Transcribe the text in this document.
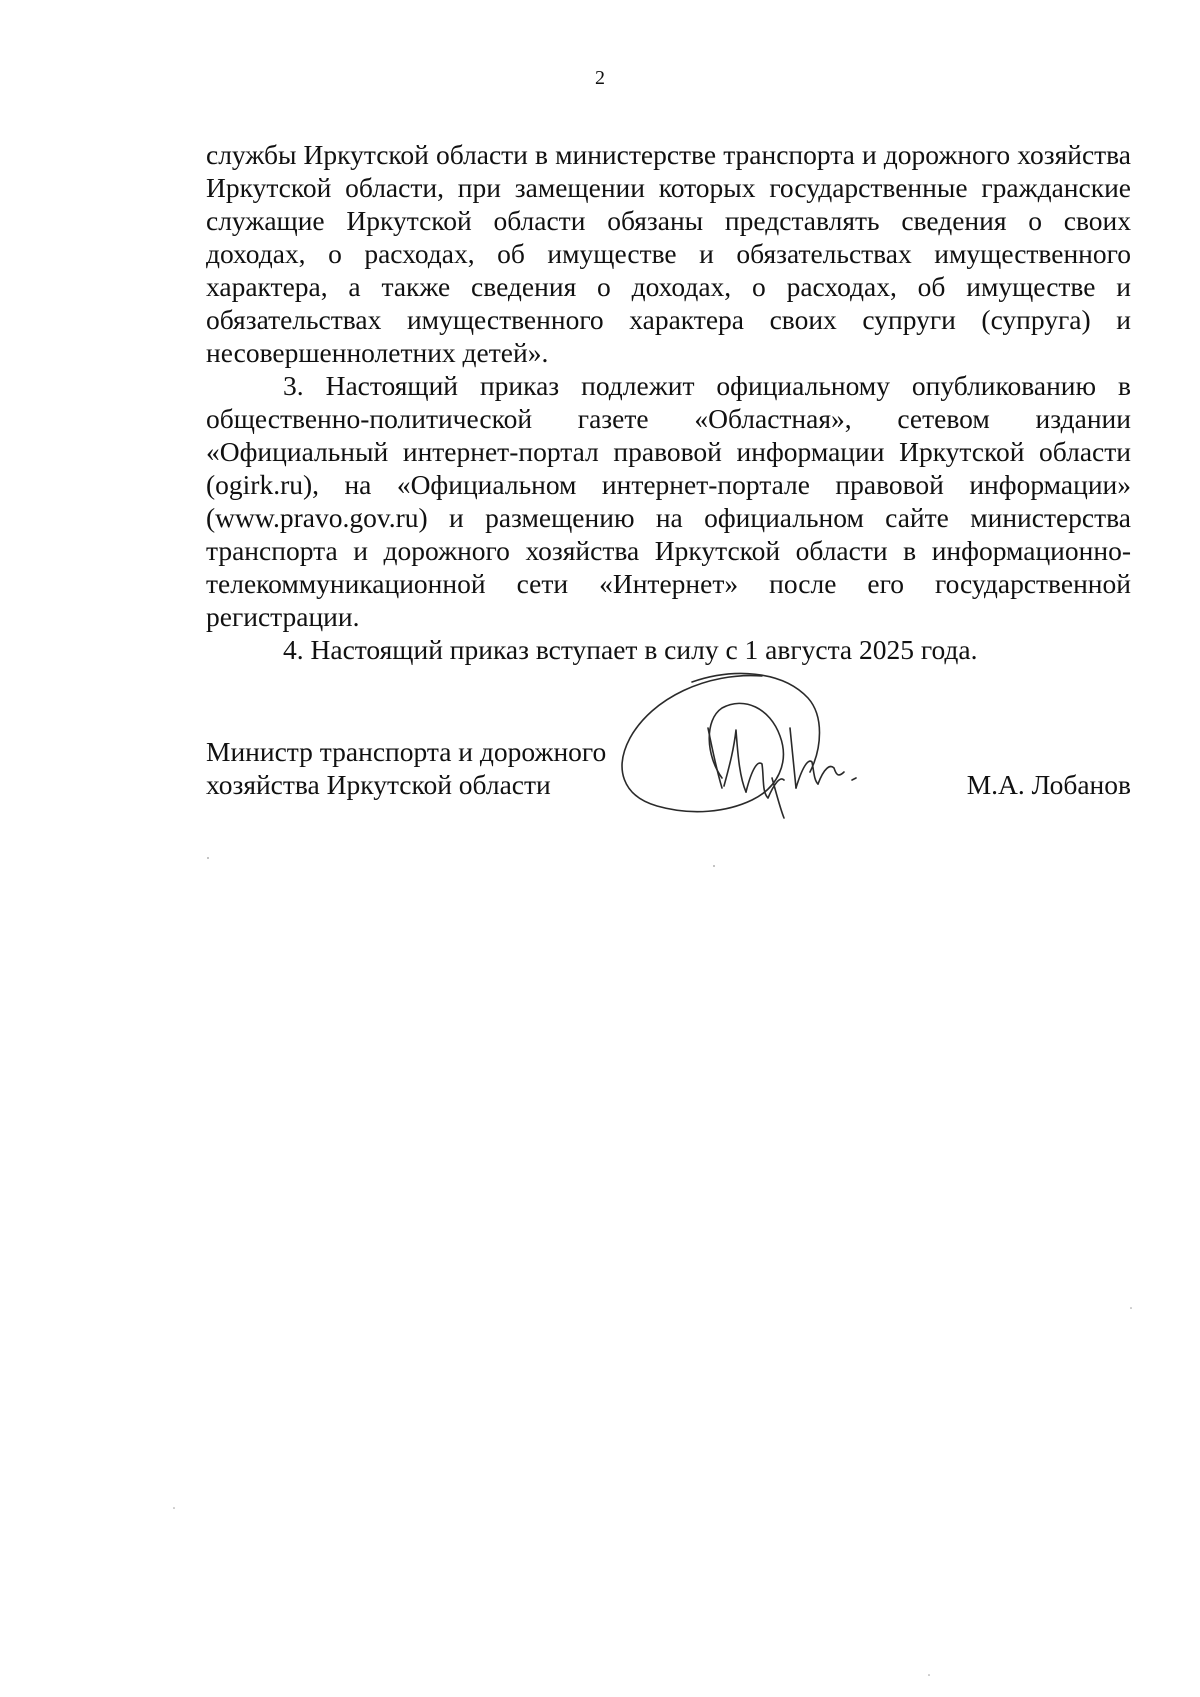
2

службы Иркутской области в министерстве транспорта и дорожного хозяйства Иркутской области, при замещении которых государственные гражданские служащие Иркутской области обязаны представлять сведения о своих доходах, о расходах, об имуществе и обязательствах имущественного характера, а также сведения о доходах, о расходах, об имуществе и обязательствах имущественного характера своих супруги (супруга) и несовершеннолетних детей».

3. Настоящий приказ подлежит официальному опубликованию в общественно-политической газете «Областная», сетевом издании «Официальный интернет-портал правовой информации Иркутской области (ogirk.ru), на «Официальном интернет-портале правовой информации» (www.pravo.gov.ru) и размещению на официальном сайте министерства транспорта и дорожного хозяйства Иркутской области в информационно-телекоммуникационной сети «Интернет» после его государственной регистрации.

4. Настоящий приказ вступает в силу с 1 августа 2025 года.

Министр транспорта и дорожного
хозяйства Иркутской области	М.А. Лобанов
